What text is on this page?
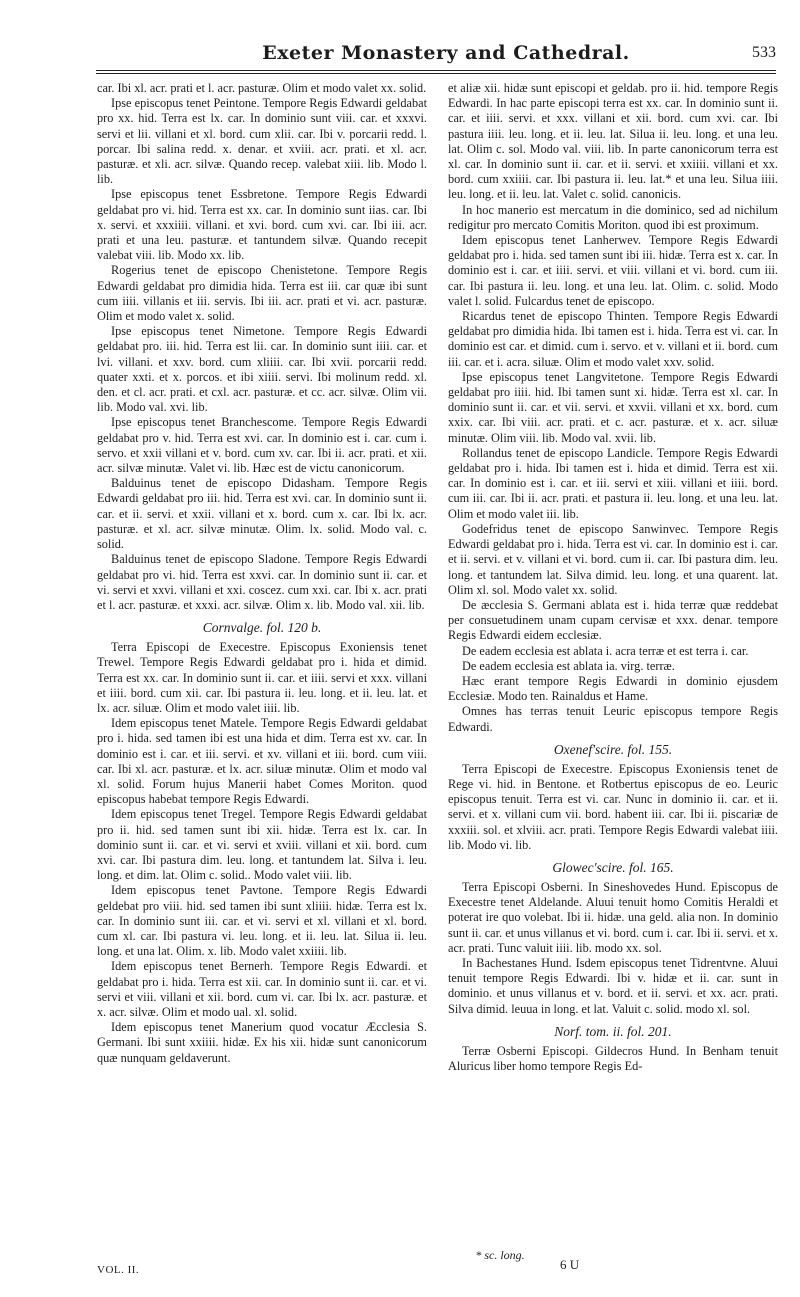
Exeter Monastery and Cathedral.	533

car. Ibi xl. acr. prati et l. acr. pasturæ. Olim et modo valet xx. solid.

Ipse episcopus tenet Peintone. Tempore Regis Edwardi geldabat pro xx. hid. Terra est lx. car. In dominio sunt viii. car. et xxxvi. servi et lii. villani et xl. bord. cum xlii. car. Ibi v. porcarii redd. l. porcar. Ibi salina redd. x. denar. et xviii. acr. prati. et xl. acr. pasturæ. et xli. acr. silvæ. Quando recep. valebat xiii. lib. Modo l. lib.

Ipse episcopus tenet Essbretone. Tempore Regis Edwardi geldabat pro vi. hid. Terra est xx. car. In dominio sunt iias. car. Ibi x. servi. et xxxiiii. villani. et xvi. bord. cum xvi. car. Ibi iii. acr. prati et una leu. pasturæ. et tantundem silvæ. Quando recepit valebat viii. lib. Modo xx. lib.

Rogerius tenet de episcopo Chenistetone. Tempore Regis Edwardi geldabat pro dimidia hida. Terra est iii. car quæ ibi sunt cum iiii. villanis et iii. servis. Ibi iii. acr. prati et vi. acr. pasturæ. Olim et modo valet x. solid.

Ipse episcopus tenet Nimetone. Tempore Regis Edwardi geldabat pro. iii. hid. Terra est lii. car. In dominio sunt iiii. car. et lvi. villani. et xxv. bord. cum xliiii. car. Ibi xvii. porcarii redd. quater xxti. et x. porcos. et ibi xiiii. servi. Ibi molinum redd. xl. den. et cl. acr. prati. et cxl. acr. pasturæ. et cc. acr. silvæ. Olim vii. lib. Modo val. xvi. lib.

Ipse episcopus tenet Branchescome. Tempore Regis Edwardi geldabat pro v. hid. Terra est xvi. car. In dominio est i. car. cum i. servo. et xxii villani et v. bord. cum xv. car. Ibi ii. acr. prati. et xii. acr. silvæ minutæ. Valet vi. lib. Hæc est de victu canonicorum.

Balduinus tenet de episcopo Didasham. Tempore Regis Edwardi geldabat pro iii. hid. Terra est xvi. car. In dominio sunt ii. car. et ii. servi. et xxii. villani et x. bord. cum x. car. Ibi lx. acr. pasturæ. et xl. acr. silvæ minutæ. Olim. lx. solid. Modo val. c. solid.

Balduinus tenet de episcopo Sladone. Tempore Regis Edwardi geldabat pro vi. hid. Terra est xxvi. car. In dominio sunt ii. car. et vi. servi et xxvi. villani et xxi. coscez. cum xxi. car. Ibi x. acr. prati et l. acr. pasturæ. et xxxi. acr. silvæ. Olim x. lib. Modo val. xii. lib.

Cornvalge. fol. 120 b.

Terra Episcopi de Execestre. Episcopus Exoniensis tenet Trewel. Tempore Regis Edwardi geldabat pro i. hida et dimid. Terra est xx. car. In dominio sunt ii. car. et iiii. servi et xxx. villani et iiii. bord. cum xii. car. Ibi pastura ii. leu. long. et ii. leu. lat. et lx. acr. siluæ. Olim et modo valet iiii. lib.

Idem episcopus tenet Matele. Tempore Regis Edwardi geldabat pro i. hida. sed tamen ibi est una hida et dim. Terra est xv. car. In dominio est i. car. et iii. servi. et xv. villani et iii. bord. cum viii. car. Ibi xl. acr. pasturæ. et lx. acr. siluæ minutæ. Olim et modo val xl. solid. Forum hujus Manerii habet Comes Moriton. quod episcopus habebat tempore Regis Edwardi.

Idem episcopus tenet Tregel. Tempore Regis Edwardi geldabat pro ii. hid. sed tamen sunt ibi xii. hidæ. Terra est lx. car. In dominio sunt ii. car. et vi. servi et xviii. villani et xii. bord. cum xvi. car. Ibi pastura dim. leu. long. et tantundem lat. Silva i. leu. long. et dim. lat. Olim c. solid.. Modo valet viii. lib.

Idem episcopus tenet Pavtone. Tempore Regis Edwardi geldebat pro viii. hid. sed tamen ibi sunt xliiii. hidæ. Terra est lx. car. In dominio sunt iii. car. et vi. servi et xl. villani et xl. bord. cum xl. car. Ibi pastura vi. leu. long. et ii. leu. lat. Silua ii. leu. long. et una lat. Olim. x. lib. Modo valet xxiiii. lib.

Idem episcopus tenet Bernerh. Tempore Regis Edwardi. et geldabat pro i. hida. Terra est xii. car. In dominio sunt ii. car. et vi. servi et viii. villani et xii. bord. cum vi. car. Ibi lx. acr. pasturæ. et x. acr. silvæ. Olim et modo ual. xl. solid.

Idem episcopus tenet Manerium quod vocatur Æcclesia S. Germani. Ibi sunt xxiiii. hidæ. Ex his xii. hidæ sunt canonicorum quæ nunquam geldaverunt.

et aliæ xii. hidæ sunt episcopi et geldab. pro ii. hid. tempore Regis Edwardi. In hac parte episcopi terra est xx. car. In dominio sunt ii. car. et iiii. servi. et xxx. villani et xii. bord. cum xvi. car. Ibi pastura iiii. leu. long. et ii. leu. lat. Silua ii. leu. long. et una leu. lat. Olim c. sol. Modo val. viii. lib. In parte canonicorum terra est xl. car. In dominio sunt ii. car. et ii. servi. et xxiiii. villani et xx. bord. cum xxiiii. car. Ibi pastura ii. leu. lat.* et una leu. Silua iiii. leu. long. et ii. leu. lat. Valet c. solid. canonicis.

In hoc manerio est mercatum in die dominico, sed ad nichilum redigitur pro mercato Comitis Moriton. quod ibi est proximum.

Idem episcopus tenet Lanherwev. Tempore Regis Edwardi geldabat pro i. hida. sed tamen sunt ibi iii. hidæ. Terra est x. car. In dominio est i. car. et iiii. servi. et viii. villani et vi. bord. cum iii. car. Ibi pastura ii. leu. long. et una leu. lat. Olim. c. solid. Modo valet l. solid. Fulcardus tenet de episcopo.

Ricardus tenet de episcopo Thinten. Tempore Regis Edwardi geldabat pro dimidia hida. Ibi tamen est i. hida. Terra est vi. car. In dominio est car. et dimid. cum i. servo. et v. villani et ii. bord. cum iii. car. et i. acra. siluæ. Olim et modo valet xxv. solid.

Ipse episcopus tenet Langvitetone. Tempore Regis Edwardi geldabat pro iiii. hid. Ibi tamen sunt xi. hidæ. Terra est xl. car. In dominio sunt ii. car. et vii. servi. et xxvii. villani et xx. bord. cum xxix. car. Ibi viii. acr. prati. et c. acr. pasturæ. et x. acr. siluæ minutæ. Olim viii. lib. Modo val. xvii. lib.

Rollandus tenet de episcopo Landicle. Tempore Regis Edwardi geldabat pro i. hida. Ibi tamen est i. hida et dimid. Terra est xii. car. In dominio est i. car. et iii. servi et xiii. villani et iiii. bord. cum iii. car. Ibi ii. acr. prati. et pastura ii. leu. long. et una leu. lat. Olim et modo valet iii. lib.

Godefridus tenet de episcopo Sanwinvec. Tempore Regis Edwardi geldabat pro i. hida. Terra est vi. car. In dominio est i. car. et ii. servi. et v. villani et vi. bord. cum ii. car. Ibi pastura dim. leu. long. et tantundem lat. Silva dimid. leu. long. et una quarent. lat. Olim xl. sol. Modo valet xx. solid.

De æcclesia S. Germani ablata est i. hida terræ quæ reddebat per consuetudinem unam cupam cervisæ et xxx. denar. tempore Regis Edwardi eidem ecclesiæ.

De eadem ecclesia est ablata i. acra terræ et est terra i. car.

De eadem ecclesia est ablata ia. virg. terræ.

Hæc erant tempore Regis Edwardi in dominio ejusdem Ecclesiæ. Modo ten. Rainaldus et Hame.

Omnes has terras tenuit Leuric episcopus tempore Regis Edwardi.

Oxenef'scire. fol. 155.

Terra Episcopi de Execestre. Episcopus Exoniensis tenet de Rege vi. hid. in Bentone. et Rotbertus episcopus de eo. Leuric episcopus tenuit. Terra est vi. car. Nunc in dominio ii. car. et ii. servi. et x. villani cum vii. bord. habent iii. car. Ibi ii. piscariæ de xxxiii. sol. et xlviii. acr. prati. Tempore Regis Edwardi valebat iiii. lib. Modo vi. lib.

Glowec'scire. fol. 165.

Terra Episcopi Osberni. In Sineshovedes Hund. Episcopus de Execestre tenet Aldelande. Aluui tenuit homo Comitis Heraldi et poterat ire quo volebat. Ibi ii. hidæ. una geld. alia non. In dominio sunt ii. car. et unus villanus et vi. bord. cum i. car. Ibi ii. servi. et x. acr. prati. Tunc valuit iiii. lib. modo xx. sol.

In Bachestanes Hund. Isdem episcopus tenet Tidrentvne. Aluui tenuit tempore Regis Edwardi. Ibi v. hidæ et ii. car. sunt in dominio. et unus villanus et v. bord. et ii. servi. et xx. acr. prati. Silva dimid. leuua in long. et lat. Valuit c. solid. modo xl. sol.

Norf. tom. ii. fol. 201.

Terræ Osberni Episcopi. Gildecros Hund. In Benham tenuit Aluricus liber homo tempore Regis Ed-

* sc. long.
VOL. II.	6 U
